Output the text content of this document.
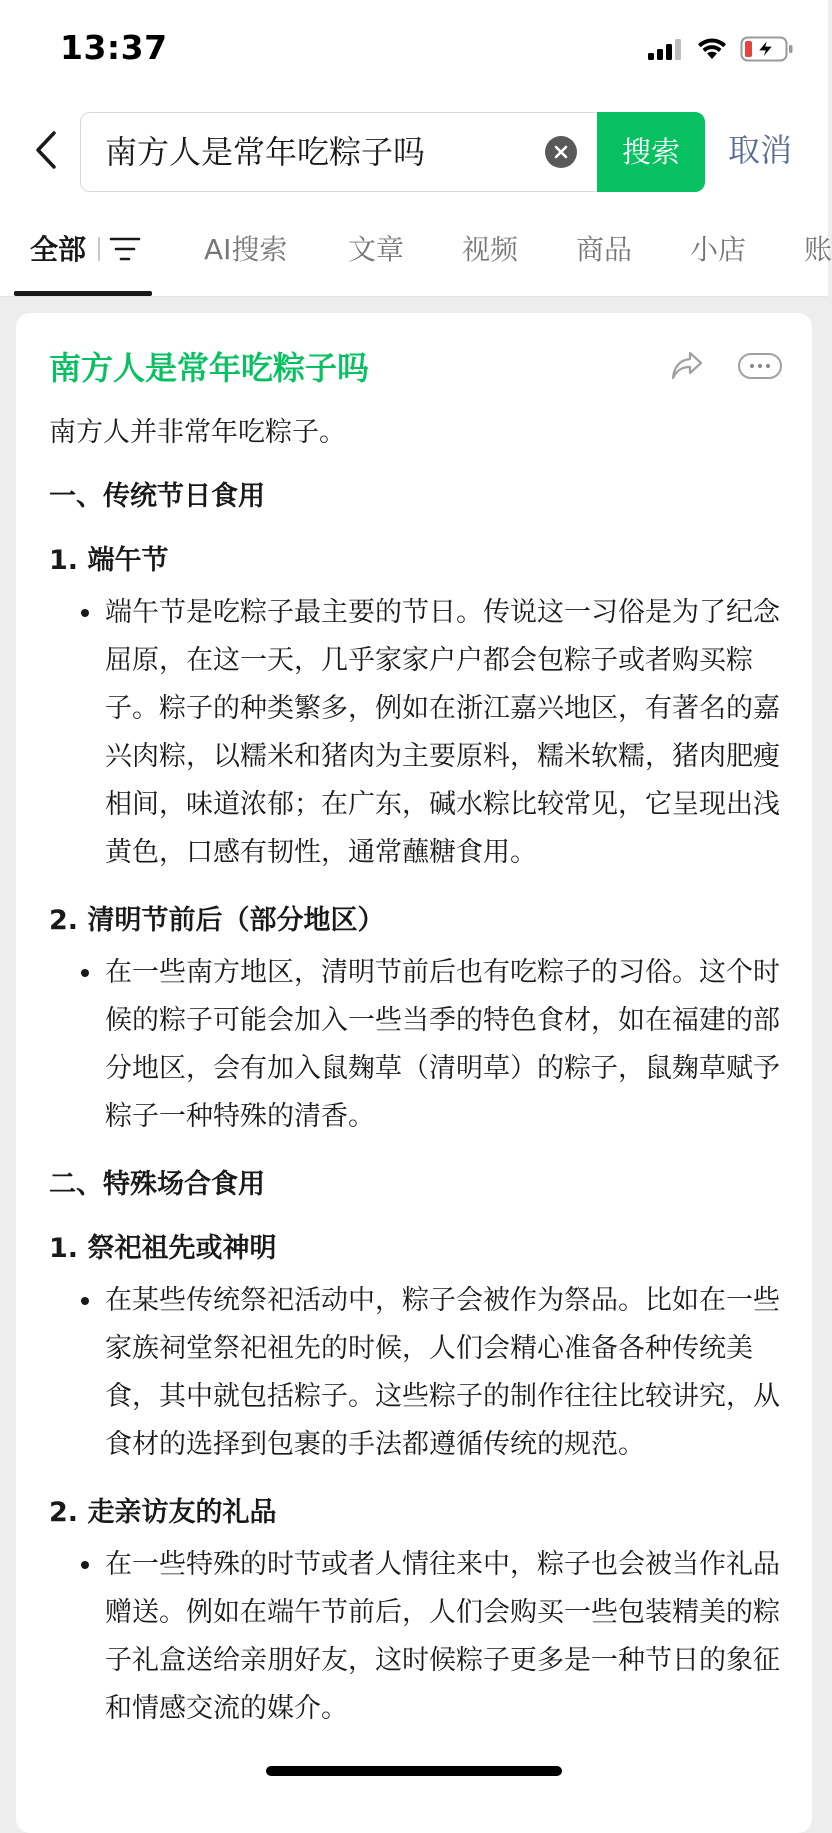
13:37
南方人是常年吃粽子吗	搜索	取消
全部	AI搜索 文章 视频 商品 小店 账
南方人是常年吃粽子吗
南方人并非常年吃粽子。
一、传统节日食用
1. 端午节
端午节是吃粽子最主要的节日。传说这一习俗是为了纪念屈原，在这一天，几乎家家户户都会包粽子或者购买粽子。粽子的种类繁多，例如在浙江嘉兴地区，有著名的嘉兴肉粽，以糯米和猪肉为主要原料，糯米软糯，猪肉肥瘦相间，味道浓郁；在广东，碱水粽比较常见，它呈现出浅黄色，口感有韧性，通常蘸糖食用。
2. 清明节前后（部分地区）
在一些南方地区，清明节前后也有吃粽子的习俗。这个时候的粽子可能会加入一些当季的特色食材，如在福建的部分地区，会有加入鼠麹草（清明草）的粽子，鼠麹草赋予粽子一种特殊的清香。
二、特殊场合食用
1. 祭祀祖先或神明
在某些传统祭祀活动中，粽子会被作为祭品。比如在一些家族祠堂祭祀祖先的时候，人们会精心准备各种传统美食，其中就包括粽子。这些粽子的制作往往比较讲究，从食材的选择到包裹的手法都遵循传统的规范。
2. 走亲访友的礼品
在一些特殊的时节或者人情往来中，粽子也会被当作礼品赠送。例如在端午节前后，人们会购买一些包装精美的粽子礼盒送给亲朋好友，这时候粽子更多是一种节日的象征和情感交流的媒介。
